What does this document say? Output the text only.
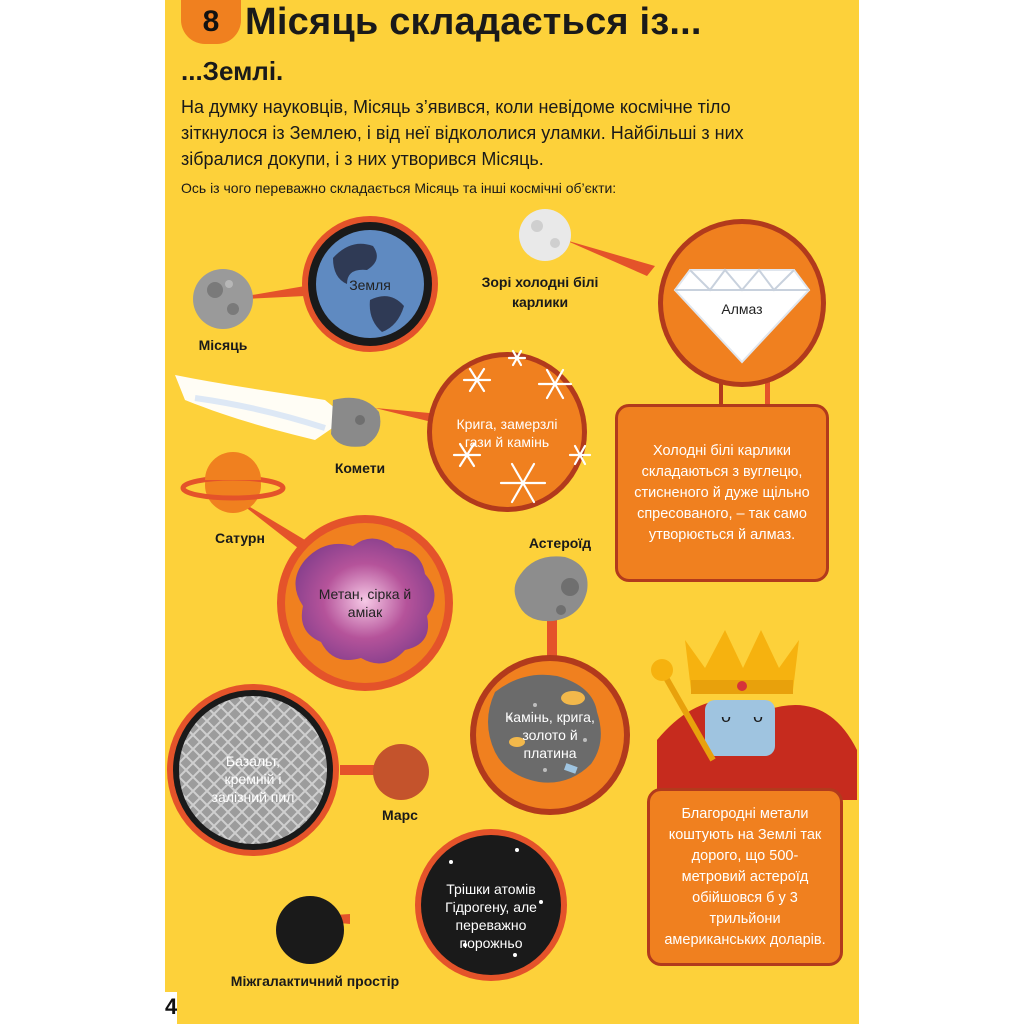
ᴗ ᴗ
8 Місяць складається із...
...Землі.
На думку науковців, Місяць з’явився, коли невідоме космічне тіло зіткнулося із Землею, і від неї відкололися уламки. Найбільші з них зібралися докупи, і з них утворився Місяць.
Ось із чого переважно складається Місяць та інші космічні об’єкти:
Місяць
Зорі холодні білі карлики
Комети
Сатурн	Астероїд
Марс
Міжгалактичний простір
Земля
Алмаз
Крига, замерзлі гази й камінь
Метан, сірка й аміак
Камінь, крига, золото й платина
Базальт, кремній і залізний пил
Трішки атомів Гідрогену, але переважно порожньо
Холодні білі карлики складаються з вуглецю, стисненого й дуже щільно спресованого, – так само утворюється й алмаз.
Благородні метали коштують на Землі так дорого, що 500-метровий астероїд обійшовся б у 3 трильйони американських доларів.
4
